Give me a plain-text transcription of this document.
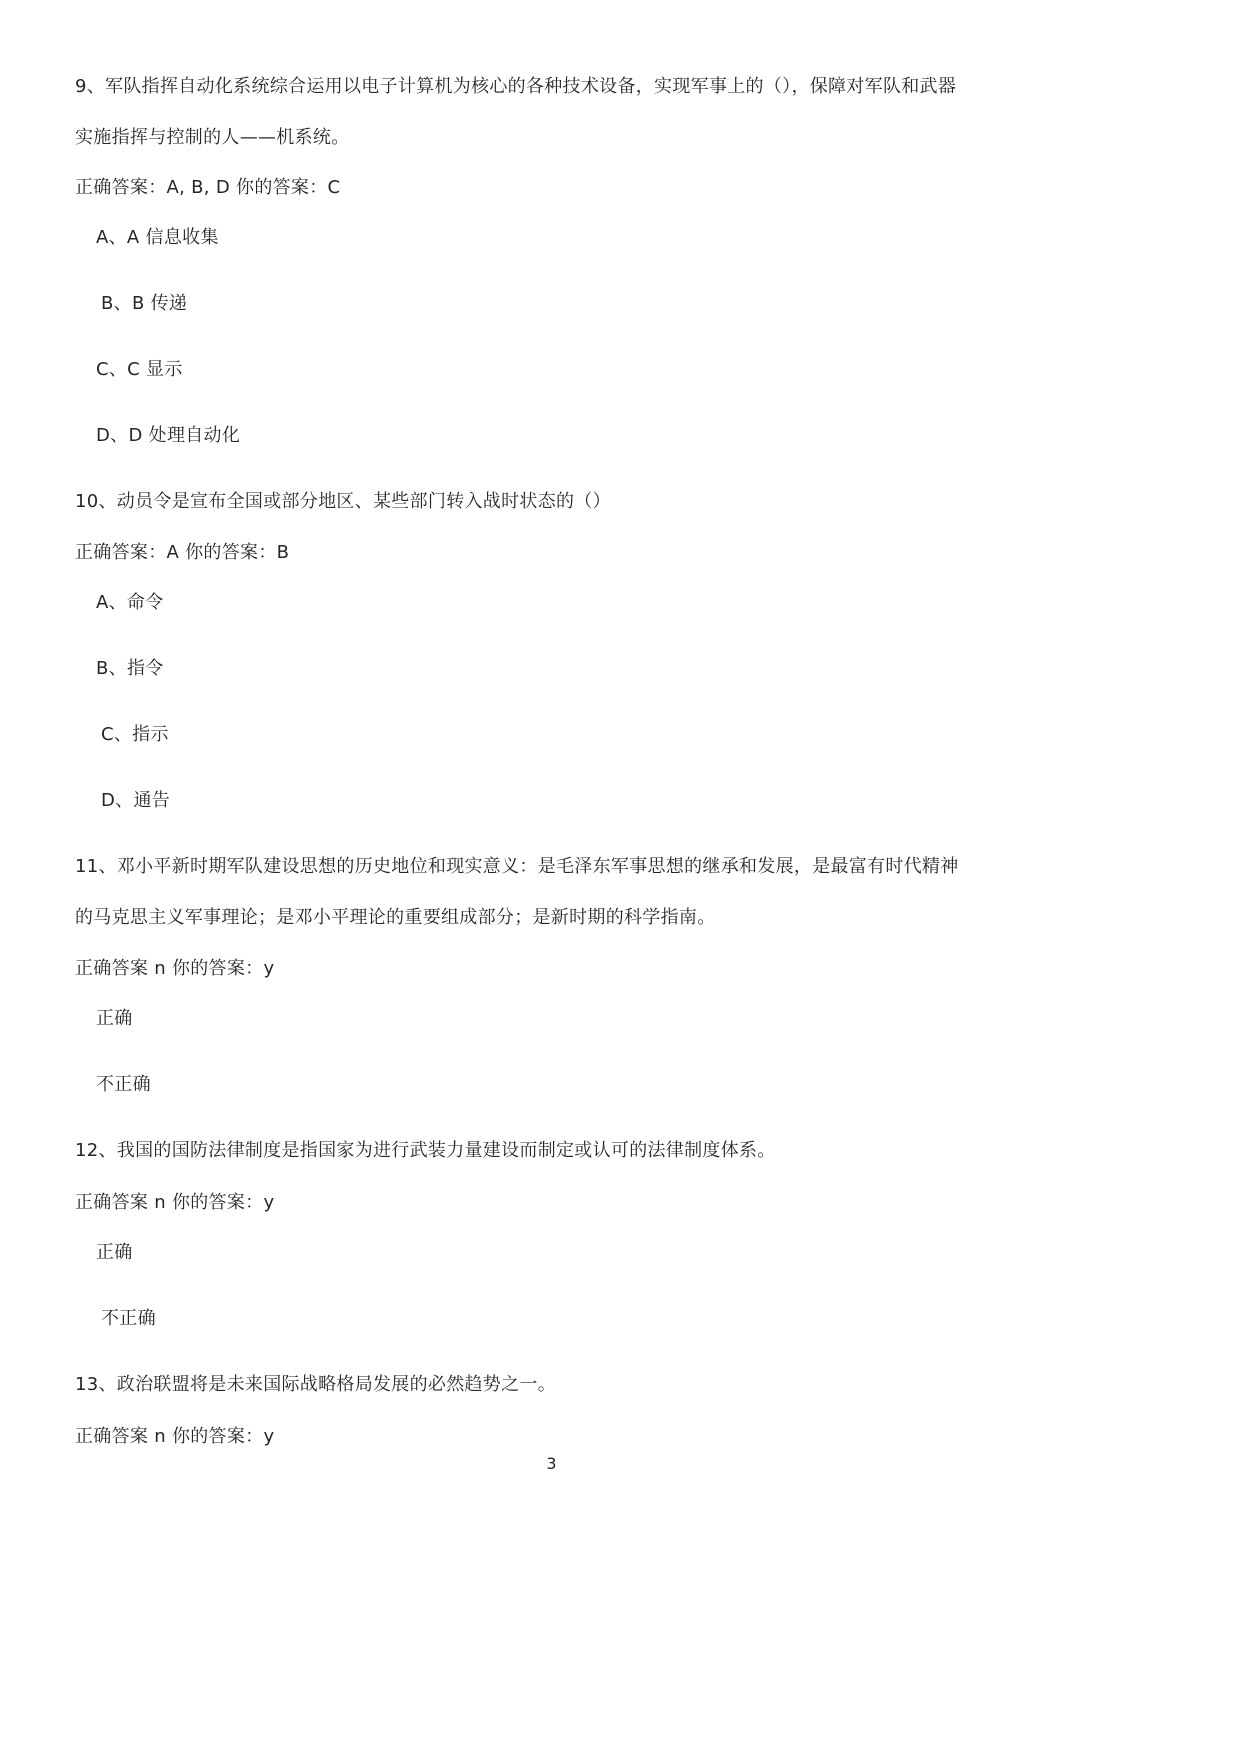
9、军队指挥自动化系统综合运用以电子计算机为核心的各种技术设备，实现军事上的（），保障对军队和武器
实施指挥与控制的人——机系统。
正确答案：A, B, D 你的答案：C
A、A 信息收集
B、B 传递
C、C 显示
D、D 处理自动化
10、动员令是宣布全国或部分地区、某些部门转入战时状态的（）
正确答案：A 你的答案：B
A、命令
B、指令
C、指示
D、通告
11、邓小平新时期军队建设思想的历史地位和现实意义：是毛泽东军事思想的继承和发展，是最富有时代精神
的马克思主义军事理论；是邓小平理论的重要组成部分；是新时期的科学指南。
正确答案 n 你的答案：y
正确
不正确
12、我国的国防法律制度是指国家为进行武装力量建设而制定或认可的法律制度体系。
正确答案 n 你的答案：y
正确
不正确
13、政治联盟将是未来国际战略格局发展的必然趋势之一。
正确答案 n 你的答案：y
3
